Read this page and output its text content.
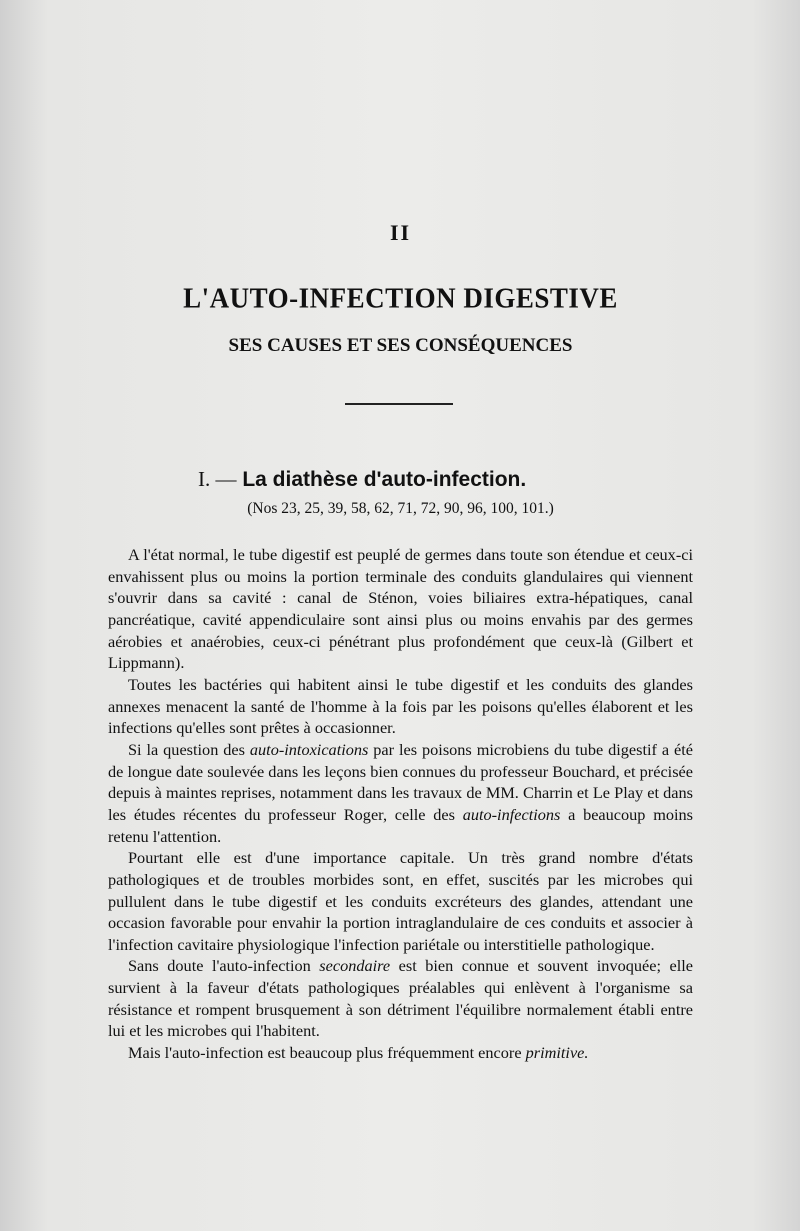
II
L'AUTO-INFECTION DIGESTIVE
SES CAUSES ET SES CONSÉQUENCES
I. — La diathèse d'auto-infection.
(Nos 23, 25, 39, 58, 62, 71, 72, 90, 96, 100, 101.)

A l'état normal, le tube digestif est peuplé de germes dans toute son étendue et ceux-ci envahissent plus ou moins la portion terminale des conduits glandulaires qui viennent s'ouvrir dans sa cavité : canal de Sténon, voies biliaires extra-hépatiques, canal pancréatique, cavité appendiculaire sont ainsi plus ou moins envahis par des germes aérobies et anaérobies, ceux-ci pénétrant plus profondément que ceux-là (Gilbert et Lippmann).

Toutes les bactéries qui habitent ainsi le tube digestif et les conduits des glandes annexes menacent la santé de l'homme à la fois par les poisons qu'elles élaborent et les infections qu'elles sont prêtes à occasionner.

Si la question des auto-intoxications par les poisons microbiens du tube digestif a été de longue date soulevée dans les leçons bien connues du professeur Bouchard, et précisée depuis à maintes reprises, notamment dans les travaux de MM. Charrin et Le Play et dans les études récentes du professeur Roger, celle des auto-infections a beaucoup moins retenu l'attention.

Pourtant elle est d'une importance capitale. Un très grand nombre d'états pathologiques et de troubles morbides sont, en effet, suscités par les microbes qui pullulent dans le tube digestif et les conduits excréteurs des glandes, attendant une occasion favorable pour envahir la portion intraglandulaire de ces conduits et associer à l'infection cavitaire physiologique l'infection pariétale ou interstitielle pathologique.

Sans doute l'auto-infection secondaire est bien connue et souvent invoquée; elle survient à la faveur d'états pathologiques préalables qui enlèvent à l'organisme sa résistance et rompent brusquement à son détriment l'équilibre normalement établi entre lui et les microbes qui l'habitent.

Mais l'auto-infection est beaucoup plus fréquemment encore primitive.
